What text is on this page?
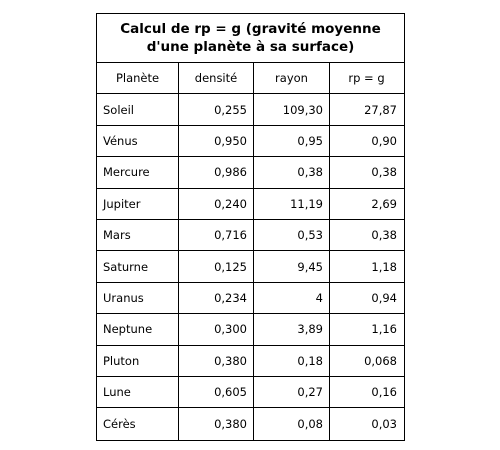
Calcul de rp = g (gravité moyenne d'une planète à sa surface)
Planète	densité	rayon	rp = g
Soleil	0,255	109,30	27,87
Vénus	0,950	0,95	0,90
Mercure	0,986	0,38	0,38
Jupiter	0,240	11,19	2,69
Mars	0,716	0,53	0,38
Saturne	0,125	9,45	1,18
Uranus	0,234	4	0,94
Neptune	0,300	3,89	1,16
Pluton	0,380	0,18	0,068
Lune	0,605	0,27	0,16
Cérès	0,380	0,08	0,03
